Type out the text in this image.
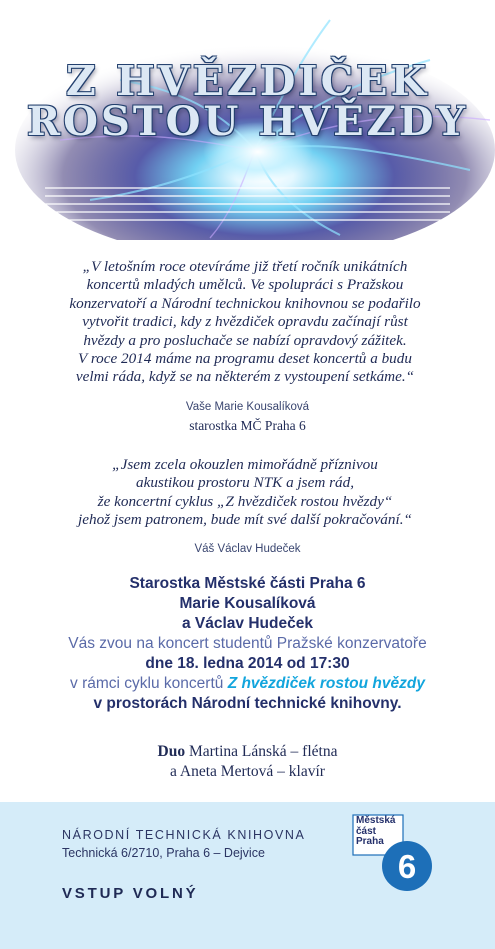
Z HVĚZDIČEK
ROSTOU HVĚZDY
„V letošním roce otevíráme již třetí ročník unikátních
koncertů mladých umělců. Ve spolupráci s Pražskou
konzervatoří a Národní technickou knihovnou se podařilo
vytvořit tradici, kdy z hvězdiček opravdu začínají růst
hvězdy a pro posluchače se nabízí opravdový zážitek.
V roce 2014 máme na programu deset koncertů a budu
velmi ráda, když se na některém z vystoupení setkáme.“
Vaše Marie Kousalíková
starostka MČ Praha 6
„Jsem zcela okouzlen mimořádně příznivou
akustikou prostoru NTK a jsem rád,
že koncertní cyklus „Z hvězdiček rostou hvězdy“
jehož jsem patronem, bude mít své další pokračování.“
Váš Václav Hudeček
Starostka Městské části Praha 6
Marie Kousalíková
a Václav Hudeček
Vás zvou na koncert studentů Pražské konzervatoře
dne 18. ledna 2014 od 17:30
v rámci cyklu koncertů Z hvězdiček rostou hvězdy
v prostorách Národní technické knihovny.
Duo Martina Lánská – flétna
a Aneta Mertová – klavír
NÁRODNÍ TECHNICKÁ KNIHOVNA
Technická 6/2710, Praha 6 – Dejvice
VSTUP VOLNÝ
6
Městská
část
Praha
